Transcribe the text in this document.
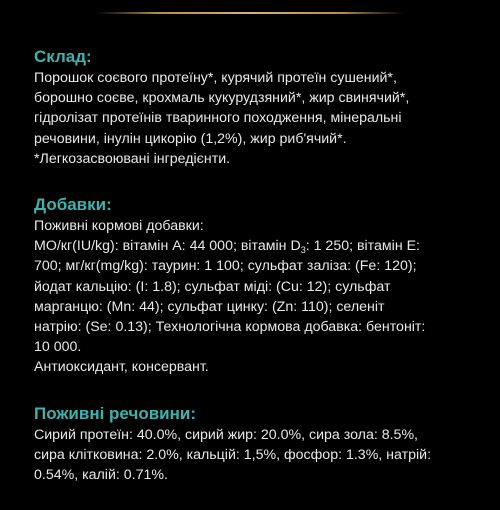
Склад:

Порошок соєвого протеїну*, курячий протеїн сушений*,

борошно соєве, крохмаль кукурудзяний*, жир свинячий*,

гідролізат протеїнів тваринного походження, мінеральні

речовини, інулін цикорію (1,2%), жир риб'ячий*.

*Легкозасвоювані інгредієнти.

Добавки:

Поживні кормові добавки:

МО/кг(IU/kg): вітамін А: 44 000; вітамін $D_3$: 1 250; вітамін E:

700; мг/кг(mg/kg): таурин: 1 100; сульфат заліза: (Fe: 120);

йодат кальцію: (I: 1.8); сульфат міді: (Cu: 12); сульфат

марганцю: (Mn: 44); сульфат цинку: (Zn: 110); селеніт

натрію: (Se: 0.13); Технологічна кормова добавка: бентоніт:

10 000.

Антиоксидант, консервант.

Поживні речовини:

Сирий протеїн: 40.0%, сирий жир: 20.0%, сира зола: 8.5%,

сира клітковина: 2.0%, кальцій: 1,5%, фосфор: 1.3%, натрій:

0.54%, калій: 0.71%.
